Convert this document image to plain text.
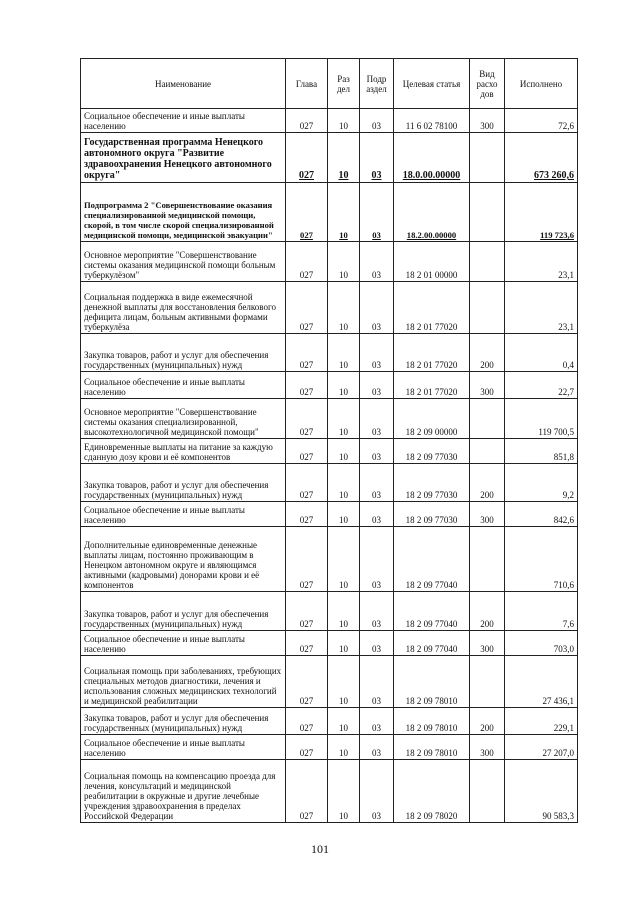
Наименование	Глава	Раз дел	Подр аздел	Целевая статья	Вид расхо дов	Исполнено
Социальное обеспечение и иные выплаты населению	027	10	03	11 6 02 78100	300	72,6
Государственная программа Ненецкого автономного округа "Развитие здравоохранения Ненецкого автономного округа"	027	10	03	18.0.00.00000		673 260,6
Подпрограмма 2 "Совершенствование оказания специализированной медицинской помощи, скорой, в том числе скорой специализированной медицинской помощи, медицинской эвакуации"	027	10	03	18.2.00.00000		119 723,6
Основное мероприятие "Совершенствование системы оказания медицинской помощи больным туберкулёзом"	027	10	03	18 2 01 00000		23,1
Социальная поддержка в виде ежемесячной денежной выплаты для восстановления белкового дефицита лицам, больным активными формами туберкулёза	027	10	03	18 2 01 77020		23,1
Закупка товаров, работ и услуг для обеспечения государственных (муниципальных) нужд	027	10	03	18 2 01 77020	200	0,4
Социальное обеспечение и иные выплаты населению	027	10	03	18 2 01 77020	300	22,7
Основное мероприятие "Совершенствование системы оказания специализированной, высокотехнологичной медицинской помощи"	027	10	03	18 2 09 00000		119 700,5
Единовременные выплаты на питание за каждую сданную дозу крови и её компонентов	027	10	03	18 2 09 77030		851,8
Закупка товаров, работ и услуг для обеспечения государственных (муниципальных) нужд	027	10	03	18 2 09 77030	200	9,2
Социальное обеспечение и иные выплаты населению	027	10	03	18 2 09 77030	300	842,6
Дополнительные единовременные денежные выплаты лицам, постоянно проживающим в Ненецком автономном округе и являющимся активными (кадровыми) донорами крови и её компонентов	027	10	03	18 2 09 77040		710,6
Закупка товаров, работ и услуг для обеспечения государственных (муниципальных) нужд	027	10	03	18 2 09 77040	200	7,6
Социальное обеспечение и иные выплаты населению	027	10	03	18 2 09 77040	300	703,0
Социальная помощь при заболеваниях, требующих специальных методов диагностики, лечения и использования сложных медицинских технологий и медицинской реабилитации	027	10	03	18 2 09 78010		27 436,1
Закупка товаров, работ и услуг для обеспечения государственных (муниципальных) нужд	027	10	03	18 2 09 78010	200	229,1
Социальное обеспечение и иные выплаты населению	027	10	03	18 2 09 78010	300	27 207,0
Социальная помощь на компенсацию проезда для лечения, консультаций и медицинской реабилитации в окружные и другие лечебные учреждения здравоохранения в пределах Российской Федерации	027	10	03	18 2 09 78020		90 583,3
101
